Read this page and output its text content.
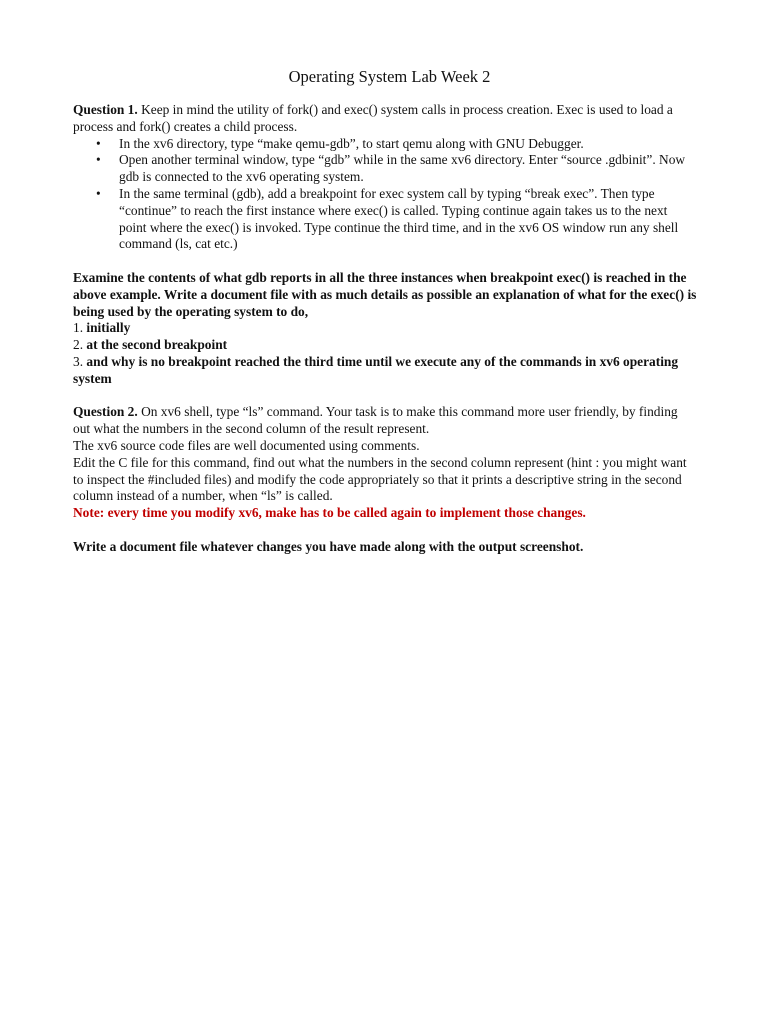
Operating System Lab Week 2

Question 1. Keep in mind the utility of fork() and exec() system calls in process creation. Exec is used to load a process and fork() creates a child process.

• In the xv6 directory, type “make qemu-gdb”, to start qemu along with GNU Debugger.
• Open another terminal window, type “gdb” while in the same xv6 directory. Enter “source .gdbinit”. Now gdb is connected to the xv6 operating system.
• In the same terminal (gdb), add a breakpoint for exec system call by typing “break exec”. Then type “continue” to reach the first instance where exec() is called. Typing continue again takes us to the next point where the exec() is invoked. Type continue the third time, and in the xv6 OS window run any shell command (ls, cat etc.)

Examine the contents of what gdb reports in all the three instances when breakpoint exec() is reached in the above example. Write a document file with as much details as possible an explanation of what for the exec() is being used by the operating system to do,

1. initially

2. at the second breakpoint

3. and why is no breakpoint reached the third time until we execute any of the commands in xv6 operating system

Question 2. On xv6 shell, type “ls” command. Your task is to make this command more user friendly, by finding out what the numbers in the second column of the result represent.

The xv6 source code files are well documented using comments.

Edit the C file for this command, find out what the numbers in the second column represent (hint : you might want to inspect the #included files) and modify the code appropriately so that it prints a descriptive string in the second column instead of a number, when “ls” is called.

Note: every time you modify xv6, make has to be called again to implement those changes.

Write a document file whatever changes you have made along with the output screenshot.
